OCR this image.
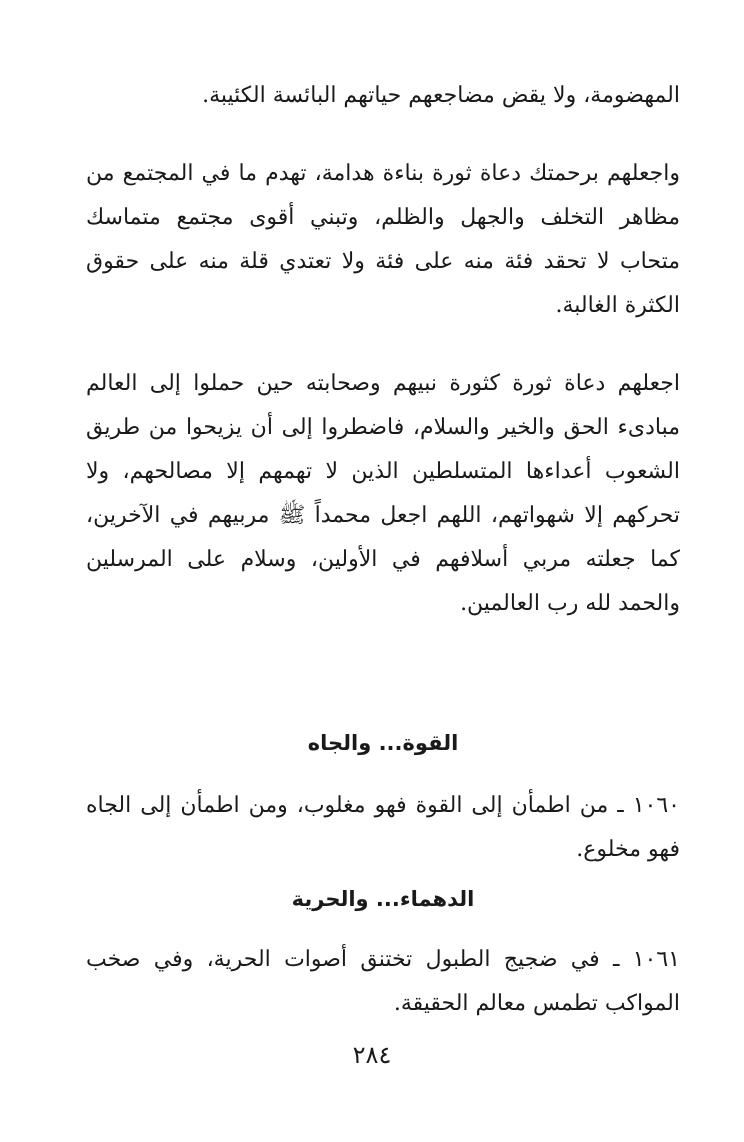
المهضومة، ولا يقض مضاجعهم حياتهم البائسة الكئيبة.
واجعلهم برحمتك دعاة ثورة بناءة هدامة، تهدم ما في المجتمع من مظاهر التخلف والجهل والظلم، وتبني أقوى مجتمع متماسك متحاب لا تحقد فئة منه على فئة ولا تعتدي قلة منه على حقوق الكثرة الغالبة.
اجعلهم دعاة ثورة كثورة نبيهم وصحابته حين حملوا إلى العالم مبادىء الحق والخير والسلام، فاضطروا إلى أن يزيحوا من طريق الشعوب أعداءها المتسلطين الذين لا تهمهم إلا مصالحهم، ولا تحركهم إلا شهواتهم، اللهم اجعل محمداً ﷺ مربيهم في الآخرين، كما جعلته مربي أسلافهم في الأولين، وسلام على المرسلين والحمد لله رب العالمين.
القوة... والجاه
١٠٦٠ ـ من اطمأن إلى القوة فهو مغلوب، ومن اطمأن إلى الجاه فهو مخلوع.
الدهماء... والحرية
١٠٦١ ـ في ضجيج الطبول تختنق أصوات الحرية، وفي صخب المواكب تطمس معالم الحقيقة.
٢٨٤
